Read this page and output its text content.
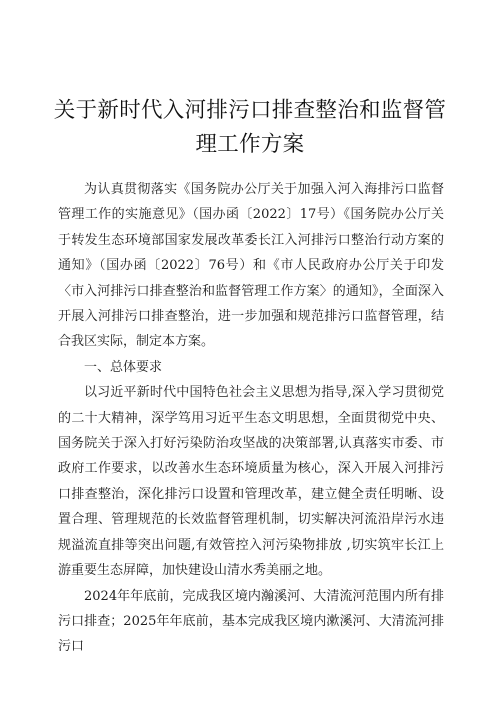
关于新时代入河排污口排查整治和监督管理工作方案

为认真贯彻落实《国务院办公厅关于加强入河入海排污口监督管理工作的实施意见》（国办函〔2022〕17号）《国务院办公厅关于转发生态环境部国家发展改革委长江入河排污口整治行动方案的通知》（国办函〔2022〕76号）和《市人民政府办公厅关于印发〈市入河排污口排查整治和监督管理工作方案〉的通知》，全面深入开展入河排污口排查整治，进一步加强和规范排污口监督管理，结合我区实际，制定本方案。

一、总体要求

以习近平新时代中国特色社会主义思想为指导,深入学习贯彻党的二十大精神，深学笃用习近平生态文明思想，全面贯彻党中央、国务院关于深入打好污染防治攻坚战的决策部署,认真落实市委、市政府工作要求，以改善水生态环境质量为核心，深入开展入河排污口排查整治，深化排污口设置和管理改革，建立健全责任明晰、设置合理、管理规范的长效监督管理机制，切实解决河流沿岸污水违规溢流直排等突出问题,有效管控入河污染物排放 ,切实筑牢长江上游重要生态屏障，加快建设山清水秀美丽之地。

2024年年底前，完成我区境内瀚溪河、大清流河范围内所有排污口排查；2025年年底前，基本完成我区境内漱溪河、大清流河排污口
